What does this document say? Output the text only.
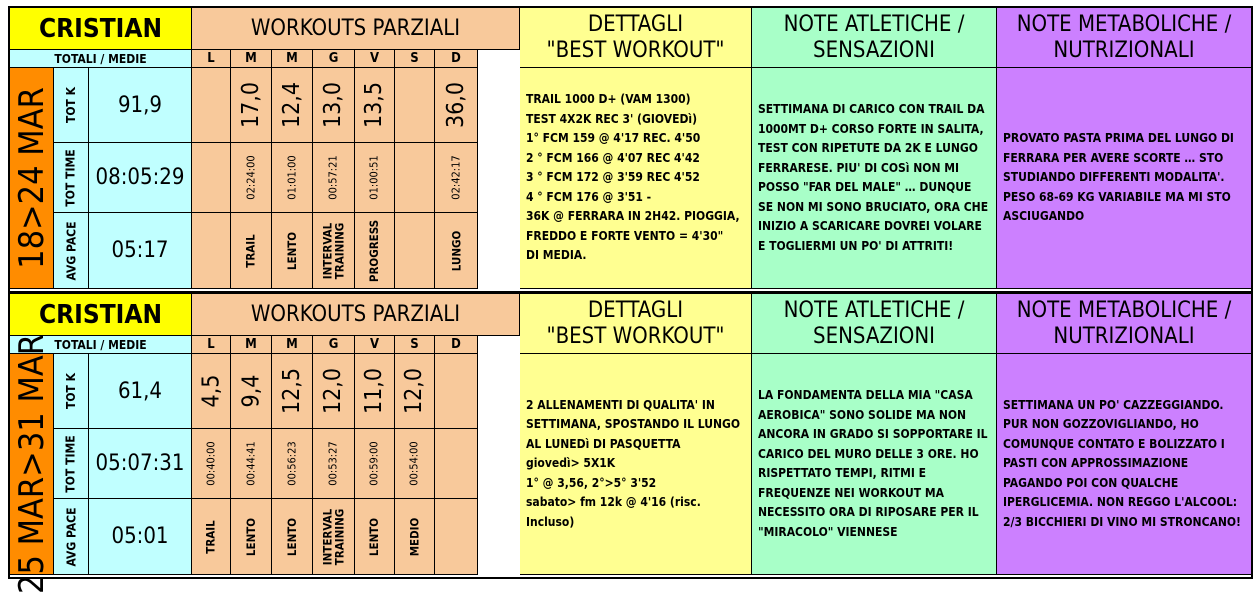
CRISTIAN
TOTALI / MEDIE
18>24 MAR TOT K
TOT TIME
AVG PACE
91,9
08:05:29
05:17
WORKOUTS PARZIALI
L	M
17,0
02:24:00
TRAIL
M
12,4
01:01:00
LENTO
G
13,0
00:57:21
INTERVAL
TRAINING
V
13,5
01:00:51
PROGRESS
S	D
36,0
02:42:17
LUNGO
DETTAGLI
"BEST WORKOUT"
NOTE ATLETICHE /
SENSAZIONI
NOTE METABOLICHE /
NUTRIZIONALI
TRAIL 1000 D+ (VAM 1300)
TEST 4X2K REC 3' (GIOVEDì)
1° FCM 159 @ 4'17 REC. 4'50
2 ° FCM 166 @ 4'07 REC 4'42
3 ° FCM 172 @ 3'59 REC 4'52
4 ° FCM 176 @ 3'51 -
36K @ FERRARA IN 2H42. PIOGGIA,
FREDDO E FORTE VENTO = 4'30"
DI MEDIA.
SETTIMANA DI CARICO CON TRAIL DA
1000MT D+ CORSO FORTE IN SALITA,
TEST CON RIPETUTE DA 2K E LUNGO
FERRARESE. PIU' DI COSì NON MI
POSSO "FAR DEL MALE" … DUNQUE
SE NON MI SONO BRUCIATO, ORA CHE
INIZIO A SCARICARE DOVREI VOLARE
E TOGLIERMI UN PO' DI ATTRITI!
PROVATO PASTA PRIMA DEL LUNGO DI
FERRARA PER AVERE SCORTE … STO
STUDIANDO DIFFERENTI MODALITA'.
PESO 68-69 KG VARIABILE MA MI STO
ASCIUGANDO
CRISTIAN
TOTALI / MEDIE
25 MAR>31 MAR TOT K
TOT TIME
AVG PACE
61,4
05:07:31
05:01
WORKOUTS PARZIALI
L
4,5
00:40:00
TRAIL
M
9,4
00:44:41
LENTO
M
12,5
00:56:23
LENTO
G
12,0
00:53:27
INTERVAL
TRAINING
V
11,0
00:59:00
LENTO
S
12,0
00:54:00
MEDIO
D
DETTAGLI
"BEST WORKOUT"
NOTE ATLETICHE /
SENSAZIONI
NOTE METABOLICHE /
NUTRIZIONALI
2 ALLENAMENTI DI QUALITA' IN
SETTIMANA, SPOSTANDO IL LUNGO
AL LUNEDì DI PASQUETTA
giovedì> 5X1K
1° @ 3,56, 2°>5° 3'52
sabato> fm 12k @ 4'16 (risc.
Incluso)
LA FONDAMENTA DELLA MIA "CASA
AEROBICA" SONO SOLIDE MA NON
ANCORA IN GRADO SI SOPPORTARE IL
CARICO DEL MURO DELLE 3 ORE. HO
RISPETTATO TEMPI, RITMI E
FREQUENZE NEI WORKOUT MA
NECESSITO ORA DI RIPOSARE PER IL
"MIRACOLO" VIENNESE
SETTIMANA UN PO' CAZZEGGIANDO.
PUR NON GOZZOVIGLIANDO, HO
COMUNQUE CONTATO E BOLIZZATO I
PASTI CON APPROSSIMAZIONE
PAGANDO POI CON QUALCHE
IPERGLICEMIA. NON REGGO L'ALCOOL:
2/3 BICCHIERI DI VINO MI STRONCANO!
